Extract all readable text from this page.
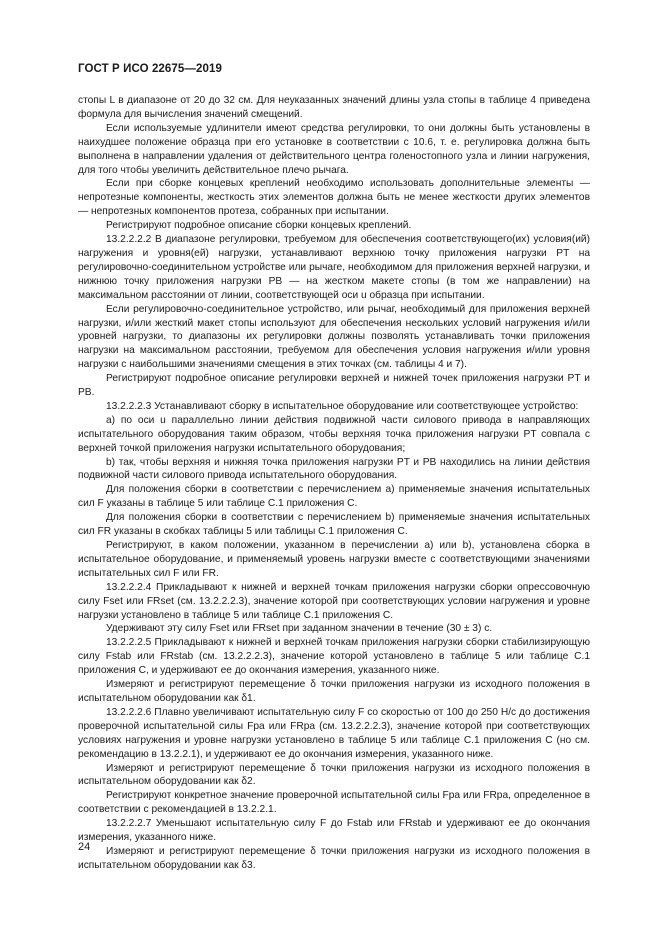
ГОСТ Р ИСО 22675—2019

стопы L в диапазоне от 20 до 32 см. Для неуказанных значений длины узла стопы в таблице 4 приведена формула для вычисления значений смещений.

Если используемые удлинители имеют средства регулировки, то они должны быть установлены в наихудшее положение образца при его установке в соответствии с 10.6, т. е. регулировка должна быть выполнена в направлении удаления от действительного центра голеностопного узла и линии нагружения, для того чтобы увеличить действительное плечо рычага.

Если при сборке концевых креплений необходимо использовать дополнительные элементы — непротезные компоненты, жесткость этих элементов должна быть не менее жесткости других элементов — непротезных компонентов протеза, собранных при испытании.

Регистрируют подробное описание сборки концевых креплений.

13.2.2.2.2 В диапазоне регулировки, требуемом для обеспечения соответствующего(их) условия(ий) нагружения и уровня(ей) нагрузки, устанавливают верхнюю точку приложения нагрузки PT на регулировочно-соединительном устройстве или рычаге, необходимом для приложения верхней нагрузки, и нижнюю точку приложения нагрузки PB — на жестком макете стопы (в том же направлении) на максимальном расстоянии от линии, соответствующей оси u образца при испытании.

Если регулировочно-соединительное устройство, или рычаг, необходимый для приложения верхней нагрузки, и/или жесткий макет стопы используют для обеспечения нескольких условий нагружения и/или уровней нагрузки, то диапазоны их регулировки должны позволять устанавливать точки приложения нагрузки на максимальном расстоянии, требуемом для обеспечения условия нагружения и/или уровня нагрузки с наибольшими значениями смещения в этих точках (см. таблицы 4 и 7).

Регистрируют подробное описание регулировки верхней и нижней точек приложения нагрузки PT и PB.

13.2.2.2.3 Устанавливают сборку в испытательное оборудование или соответствующее устройство:

a) по оси u параллельно линии действия подвижной части силового привода в направляющих испытательного оборудования таким образом, чтобы верхняя точка приложения нагрузки PT совпала с верхней точкой приложения нагрузки испытательного оборудования;

b) так, чтобы верхняя и нижняя точка приложения нагрузки PT и PB находились на линии действия подвижной части силового привода испытательного оборудования.

Для положения сборки в соответствии с перечислением a) применяемые значения испытательных сил F указаны в таблице 5 или таблице C.1 приложения C.

Для положения сборки в соответствии с перечислением b) применяемые значения испытательных сил FR указаны в скобках таблицы 5 или таблицы C.1 приложения C.

Регистрируют, в каком положении, указанном в перечислении a) или b), установлена сборка в испытательное оборудование, и применяемый уровень нагрузки вместе с соответствующими значениями испытательных сил F или FR.

13.2.2.2.4 Прикладывают к нижней и верхней точкам приложения нагрузки сборки опрессовочную силу Fset или FRset (см. 13.2.2.2.3), значение которой при соответствующих условии нагружения и уровне нагрузки установлено в таблице 5 или таблице C.1 приложения C.

Удерживают эту силу Fset или FRset при заданном значении в течение (30 ± 3) с.

13.2.2.2.5 Прикладывают к нижней и верхней точкам приложения нагрузки сборки стабилизирующую силу Fstab или FRstab (см. 13.2.2.2.3), значение которой установлено в таблице 5 или таблице C.1 приложения C, и удерживают ее до окончания измерения, указанного ниже.

Измеряют и регистрируют перемещение δ точки приложения нагрузки из исходного положения в испытательном оборудовании как δ1.

13.2.2.2.6 Плавно увеличивают испытательную силу F со скоростью от 100 до 250 Н/с до достижения проверочной испытательной силы Fpa или FRpa (см. 13.2.2.2.3), значение которой при соответствующих условиях нагружения и уровне нагрузки установлено в таблице 5 или таблице C.1 приложения C (но см. рекомендацию в 13.2.2.1), и удерживают ее до окончания измерения, указанного ниже.

Измеряют и регистрируют перемещение δ точки приложения нагрузки из исходного положения в испытательном оборудовании как δ2.

Регистрируют конкретное значение проверочной испытательной силы Fpa или FRpa, определенное в соответствии с рекомендацией в 13.2.2.1.

13.2.2.2.7 Уменьшают испытательную силу F до Fstab или FRstab и удерживают ее до окончания измерения, указанного ниже.

Измеряют и регистрируют перемещение δ точки приложения нагрузки из исходного положения в испытательном оборудовании как δ3.

24
